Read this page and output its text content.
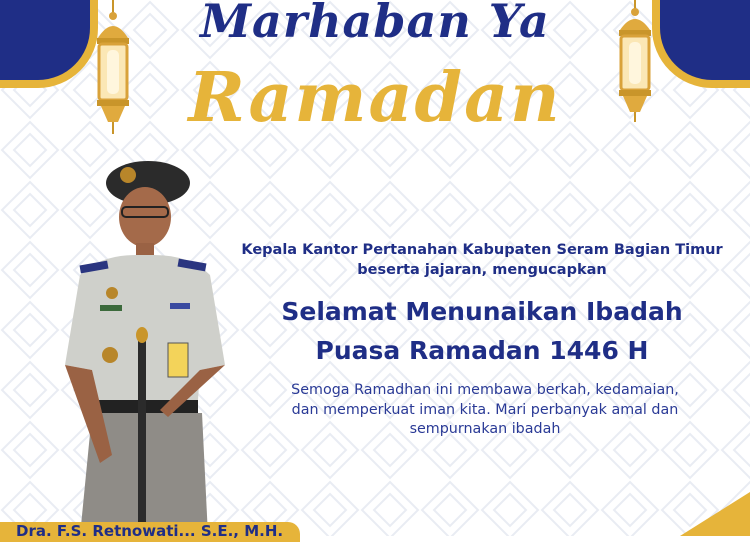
Marhaban Ya
Ramadan
Kepala Kantor Pertanahan Kabupaten Seram Bagian Timur
beserta jajaran, mengucapkan
Selamat Menunaikan Ibadah
Puasa Ramadan 1446 H
Semoga Ramadhan ini membawa berkah, kedamaian,
dan memperkuat iman kita. Mari perbanyak amal dan
sempurnakan ibadah
Dra. F.S. Retnowati... S.E., M.H.
